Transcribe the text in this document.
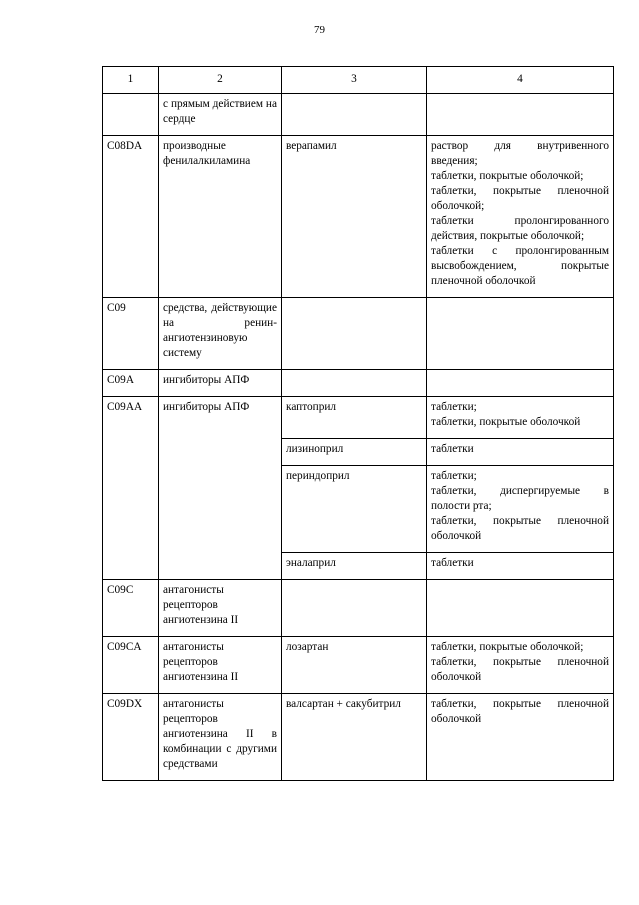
79
1	2	3	4
	с прямым действием на сердце		
C08DA	производные фенилалкиламина	верапамил	раствор для внутривенного введения;
таблетки, покрытые оболочкой;
таблетки, покрытые пленочной оболочкой;
таблетки пролонгированного действия, покрытые оболочкой;
таблетки с пролонгированным высвобождением, покрытые пленочной оболочкой

C09	средства, действующие на ренин-ангиотензиновую систему		
C09A	ингибиторы АПФ		
C09AA	ингибиторы АПФ	каптоприл	таблетки;
таблетки, покрытые оболочкой

		лизиноприл	таблетки

		периндоприл	таблетки;
таблетки, диспергируемые в полости рта;
таблетки, покрытые пленочной оболочкой

		эналаприл	таблетки

C09C	антагонисты рецепторов ангиотензина II		
C09CA	антагонисты рецепторов ангиотензина II	лозартан	таблетки, покрытые оболочкой;
таблетки, покрытые пленочной оболочкой

C09DX	антагонисты рецепторов ангиотензина II в комбинации с другими средствами	валсартан + сакубитрил	таблетки, покрытые пленочной оболочкой
